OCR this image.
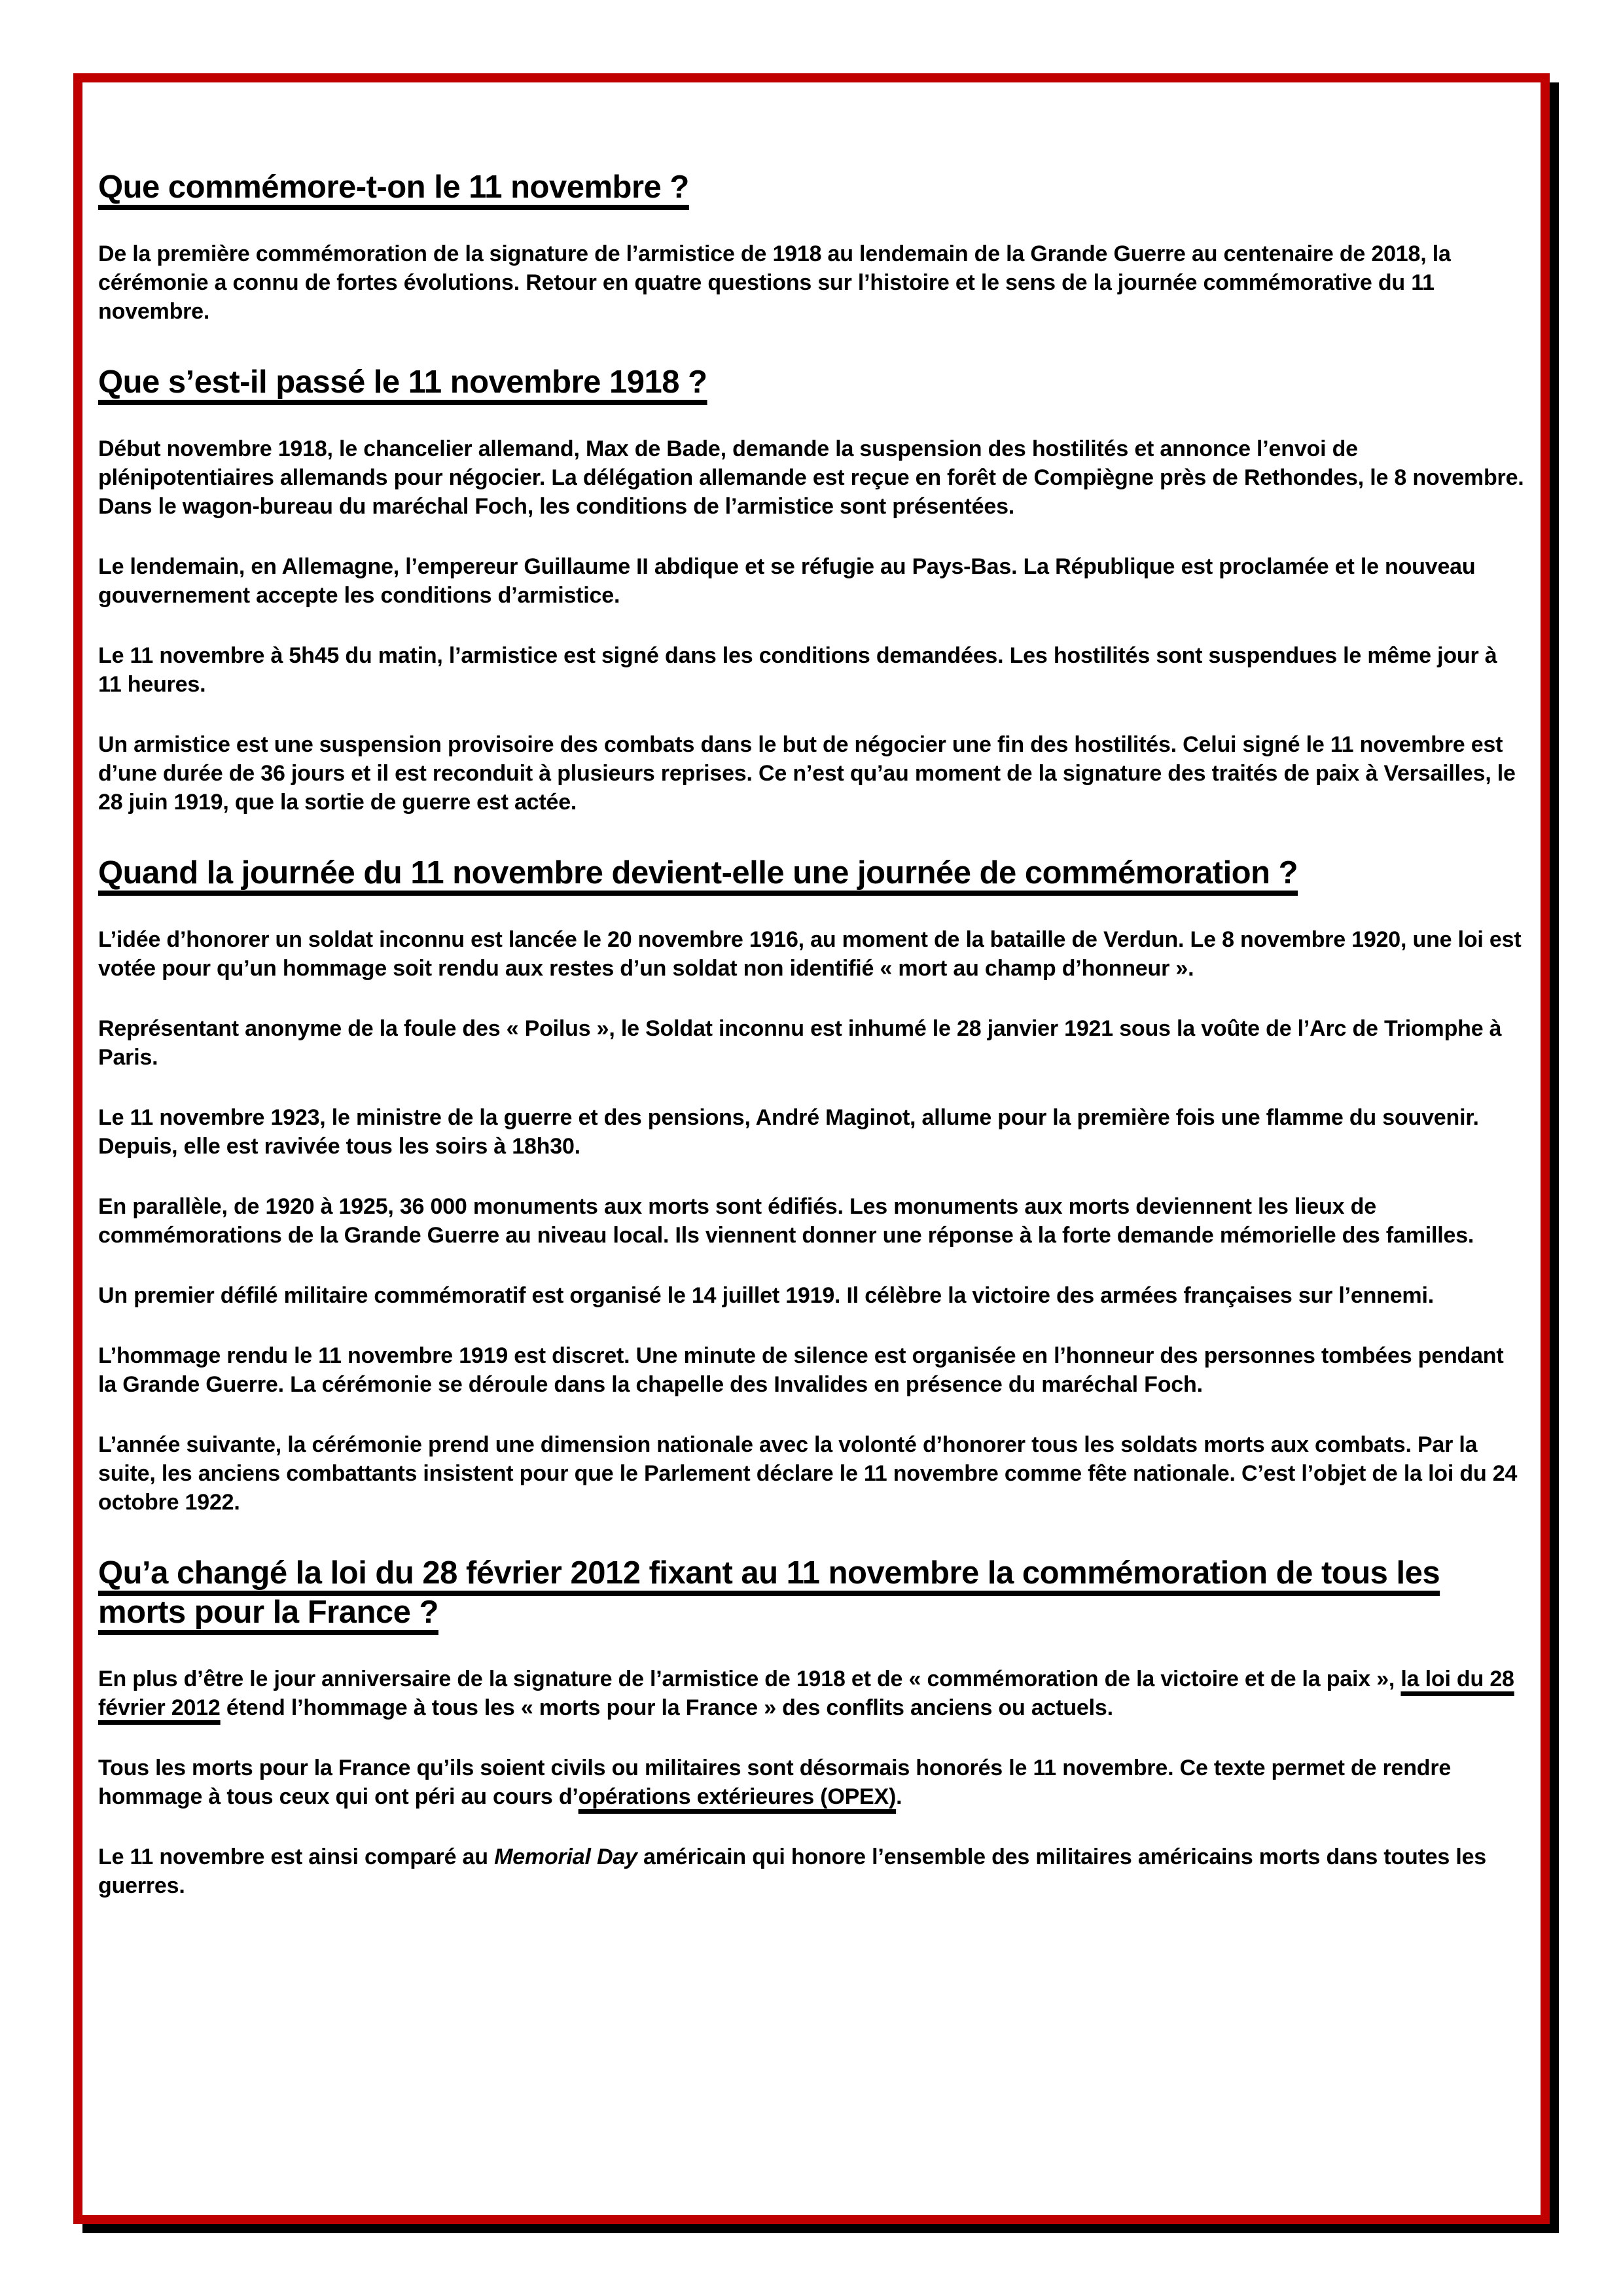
Que commémore-t-on le 11 novembre ?

De la première commémoration de la signature de l’armistice de 1918 au lendemain de la Grande Guerre au centenaire de 2018, la cérémonie a connu de fortes évolutions. Retour en quatre questions sur l’histoire et le sens de la journée commémorative du 11 novembre.

Que s’est-il passé le 11 novembre 1918 ?

Début novembre 1918, le chancelier allemand, Max de Bade, demande la suspension des hostilités et annonce l’envoi de plénipotentiaires allemands pour négocier. La délégation allemande est reçue en forêt de Compiègne près de Rethondes, le 8 novembre. Dans le wagon-bureau du maréchal Foch, les conditions de l’armistice sont présentées.

Le lendemain, en Allemagne, l’empereur Guillaume II abdique et se réfugie au Pays-Bas. La République est proclamée et le nouveau gouvernement accepte les conditions d’armistice.

Le 11 novembre à 5h45 du matin, l’armistice est signé dans les conditions demandées. Les hostilités sont suspendues le même jour à 11 heures.

Un armistice est une suspension provisoire des combats dans le but de négocier une fin des hostilités. Celui signé le 11 novembre est d’une durée de 36 jours et il est reconduit à plusieurs reprises. Ce n’est qu’au moment de la signature des traités de paix à Versailles, le 28 juin 1919, que la sortie de guerre est actée.

Quand la journée du 11 novembre devient-elle une journée de commémoration ?

L’idée d’honorer un soldat inconnu est lancée le 20 novembre 1916, au moment de la bataille de Verdun. Le 8 novembre 1920, une loi est votée pour qu’un hommage soit rendu aux restes d’un soldat non identifié « mort au champ d’honneur ».

Représentant anonyme de la foule des « Poilus », le Soldat inconnu est inhumé le 28 janvier 1921 sous la voûte de l’Arc de Triomphe à Paris.

Le 11 novembre 1923, le ministre de la guerre et des pensions, André Maginot, allume pour la première fois une flamme du souvenir. Depuis, elle est ravivée tous les soirs à 18h30.

En parallèle, de 1920 à 1925, 36 000 monuments aux morts sont édifiés. Les monuments aux morts deviennent les lieux de commémorations de la Grande Guerre au niveau local. Ils viennent donner une réponse à la forte demande mémorielle des familles.

Un premier défilé militaire commémoratif est organisé le 14 juillet 1919. Il célèbre la victoire des armées françaises sur l’ennemi.

L’hommage rendu le 11 novembre 1919 est discret. Une minute de silence est organisée en l’honneur des personnes tombées pendant la Grande Guerre. La cérémonie se déroule dans la chapelle des Invalides en présence du maréchal Foch.

L’année suivante, la cérémonie prend une dimension nationale avec la volonté d’honorer tous les soldats morts aux combats. Par la suite, les anciens combattants insistent pour que le Parlement déclare le 11 novembre comme fête nationale. C’est l’objet de la loi du 24 octobre 1922.

Qu’a changé la loi du 28 février 2012 fixant au 11 novembre la commémoration de tous les morts pour la France ?

En plus d’être le jour anniversaire de la signature de l’armistice de 1918 et de « commémoration de la victoire et de la paix », la loi du 28 février 2012 étend l’hommage à tous les « morts pour la France » des conflits anciens ou actuels.

Tous les morts pour la France qu’ils soient civils ou militaires sont désormais honorés le 11 novembre. Ce texte permet de rendre hommage à tous ceux qui ont péri au cours d’opérations extérieures (OPEX).

Le 11 novembre est ainsi comparé au Memorial Day américain qui honore l’ensemble des militaires américains morts dans toutes les guerres.
